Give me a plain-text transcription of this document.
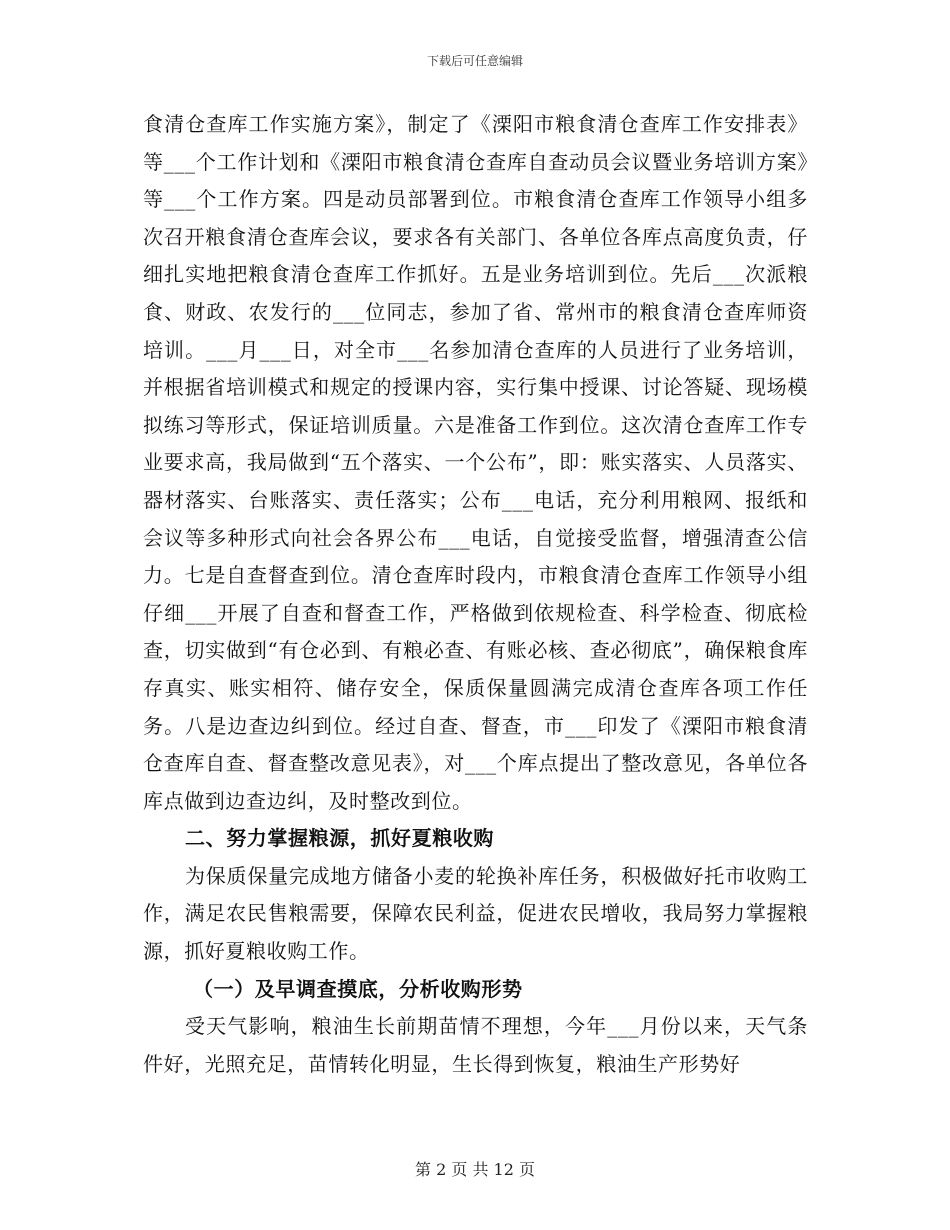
下载后可任意编辑

食清仓查库工作实施方案》，制定了《溧阳市粮食清仓查库工作安排表》等___个工作计划和《溧阳市粮食清仓查库自查动员会议暨业务培训方案》等___个工作方案。四是动员部署到位。市粮食清仓查库工作领导小组多次召开粮食清仓查库会议，要求各有关部门、各单位各库点高度负责，仔细扎实地把粮食清仓查库工作抓好。五是业务培训到位。先后___次派粮食、财政、农发行的___位同志，参加了省、常州市的粮食清仓查库师资培训。___月___日，对全市___名参加清仓查库的人员进行了业务培训，并根据省培训模式和规定的授课内容，实行集中授课、讨论答疑、现场模拟练习等形式，保证培训质量。六是准备工作到位。这次清仓查库工作专业要求高，我局做到“五个落实、一个公布”，即：账实落实、人员落实、器材落实、台账落实、责任落实；公布___电话，充分利用粮网、报纸和会议等多种形式向社会各界公布___电话，自觉接受监督，增强清查公信力。七是自查督查到位。清仓查库时段内，市粮食清仓查库工作领导小组仔细___开展了自查和督查工作，严格做到依规检查、科学检查、彻底检查，切实做到“有仓必到、有粮必查、有账必核、查必彻底”，确保粮食库存真实、账实相符、储存安全，保质保量圆满完成清仓查库各项工作任务。八是边查边纠到位。经过自查、督查，市___印发了《溧阳市粮食清仓查库自查、督查整改意见表》，对___个库点提出了整改意见，各单位各库点做到边查边纠，及时整改到位。

二、努力掌握粮源，抓好夏粮收购

为保质保量完成地方储备小麦的轮换补库任务，积极做好托市收购工作，满足农民售粮需要，保障农民利益，促进农民增收，我局努力掌握粮源，抓好夏粮收购工作。

（一）及早调查摸底，分析收购形势

受天气影响，粮油生长前期苗情不理想，今年___月份以来，天气条件好，光照充足，苗情转化明显，生长得到恢复，粮油生产形势好

第 2 页 共 12 页
